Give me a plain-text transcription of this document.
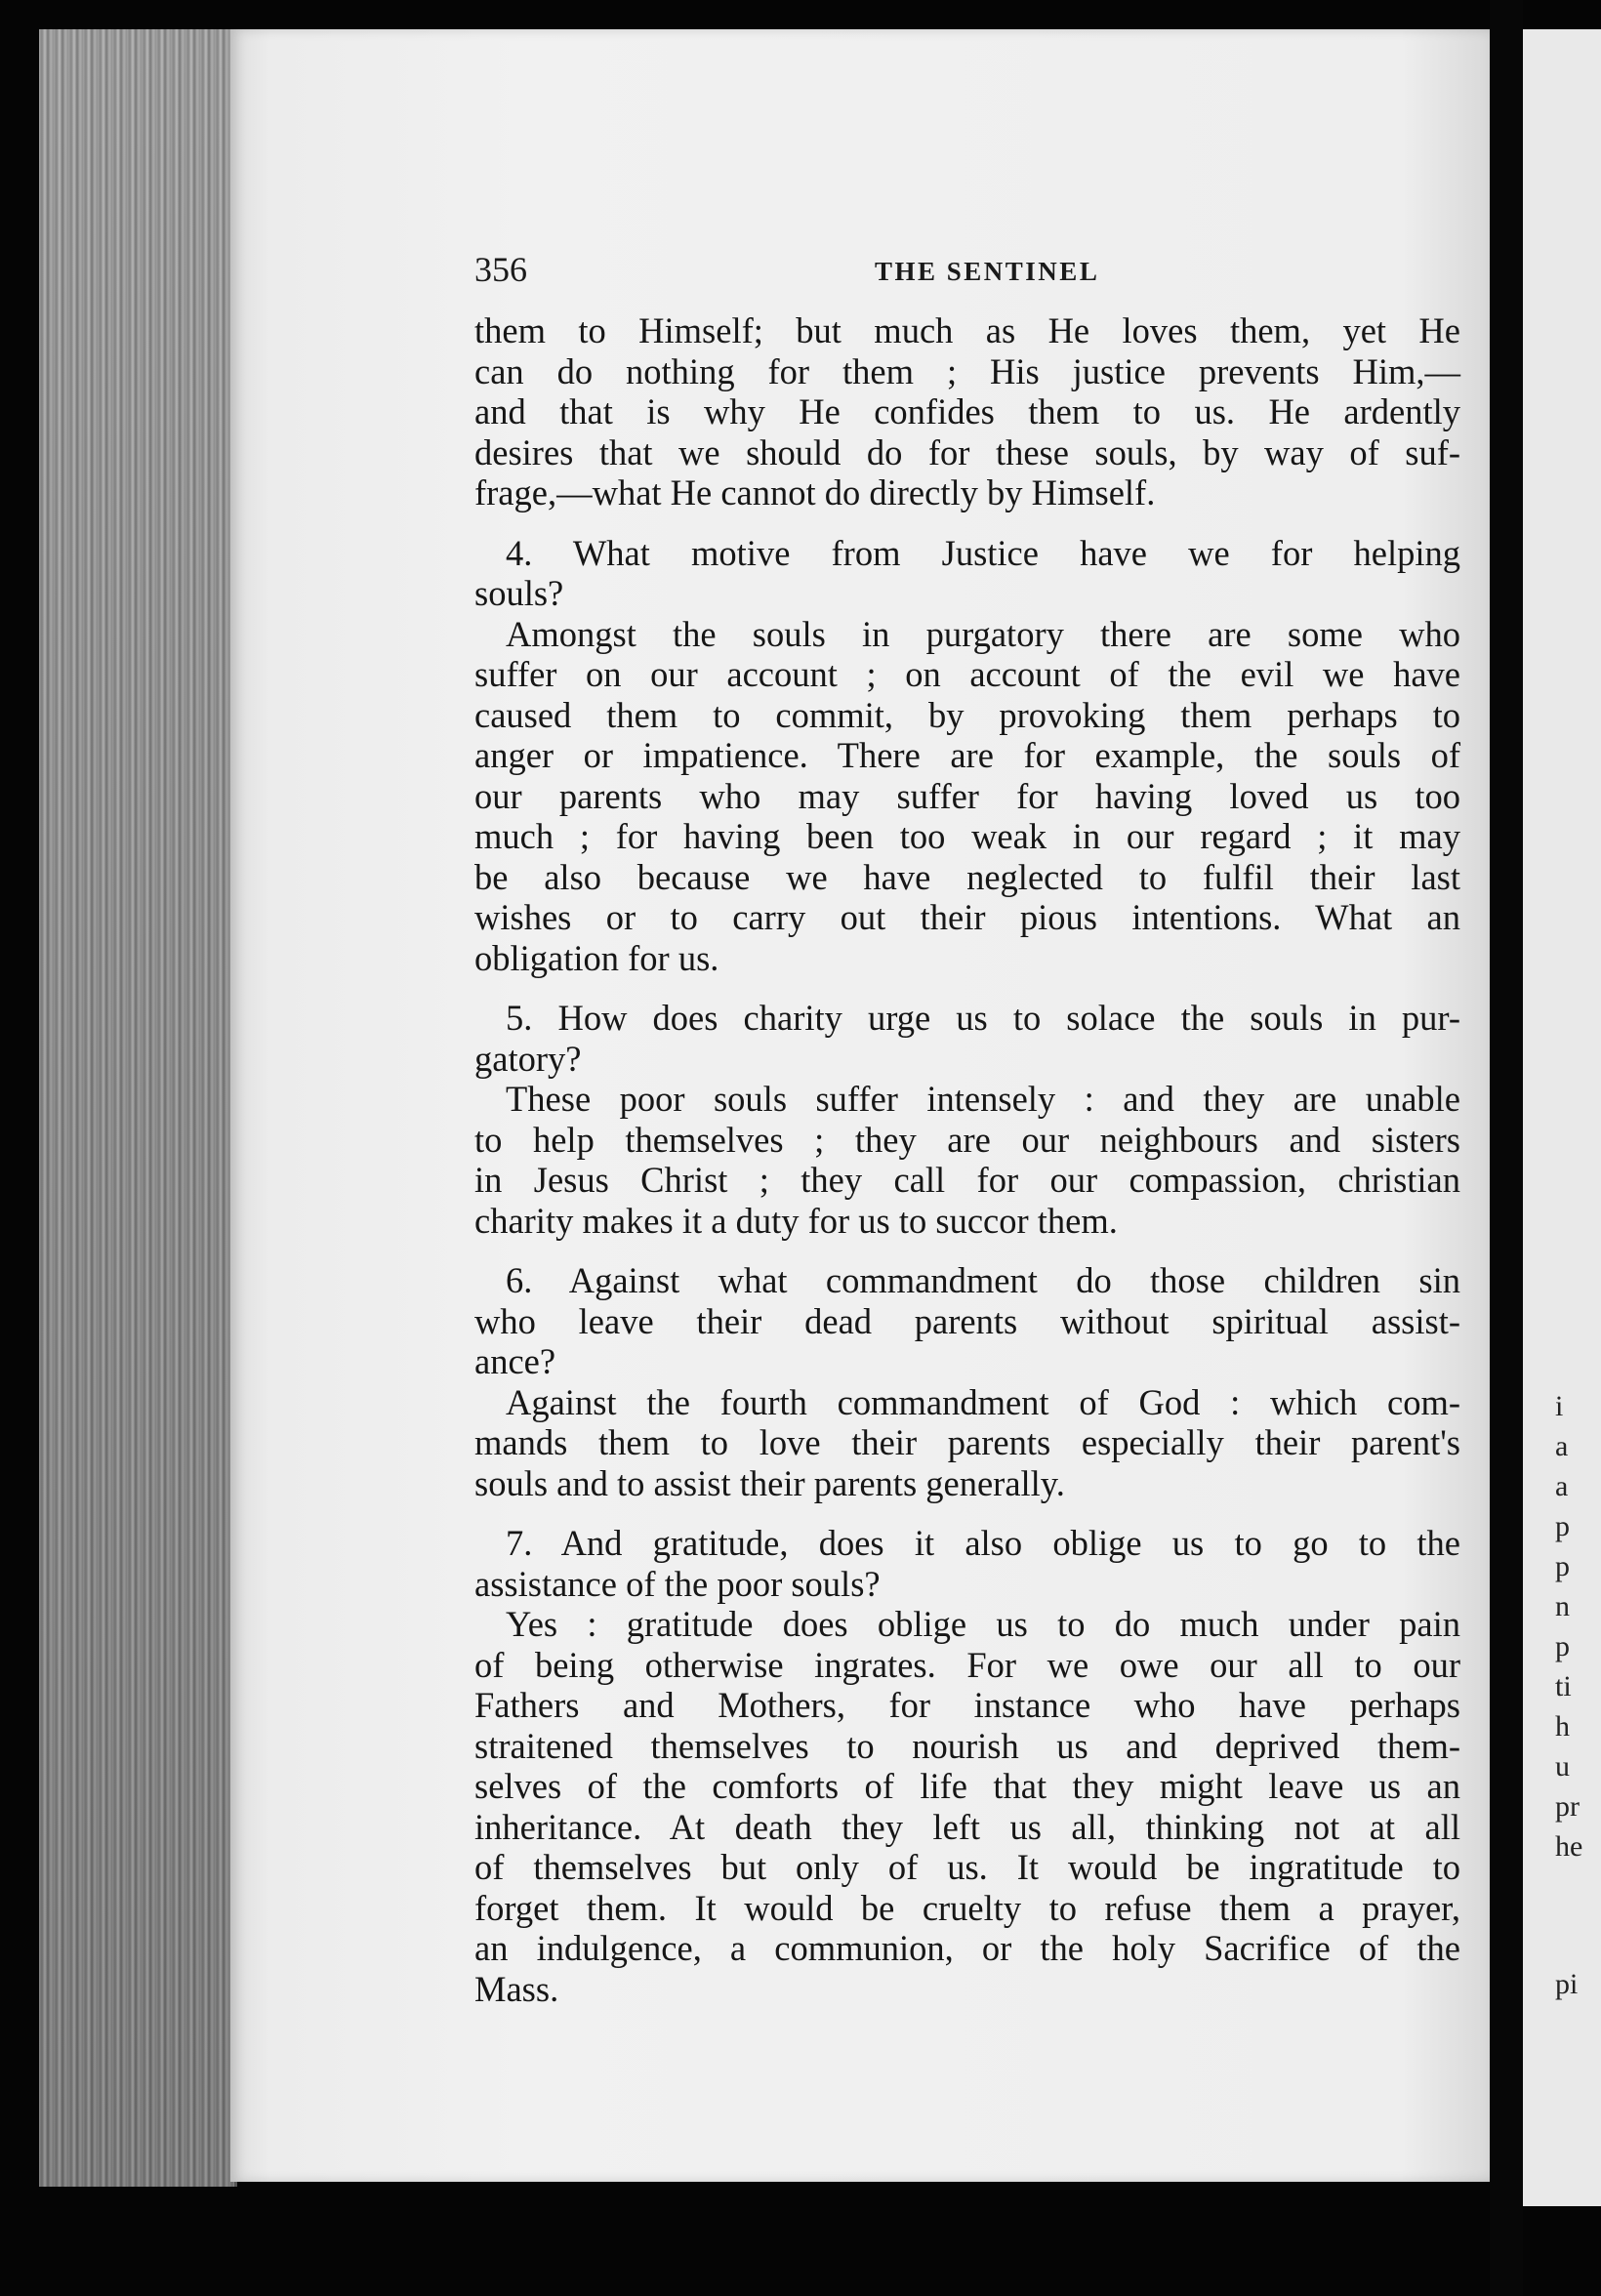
i
a
a
p
p
n
p
ti
h
u
pr
he
pi
356	THE SENTINEL

them to Himself; but much as He loves them, yet He

can do nothing for them ; His justice prevents Him,—

and that is why He confides them to us. He ardently

desires that we should do for these souls, by way of suf-

frage,—what He cannot do directly by Himself.

4. What motive from Justice have we for helping

souls?

Amongst the souls in purgatory there are some who

suffer on our account ; on account of the evil we have

caused them to commit, by provoking them perhaps to

anger or impatience. There are for example, the souls of

our parents who may suffer for having loved us too

much ; for having been too weak in our regard ; it may

be also because we have neglected to fulfil their last

wishes or to carry out their pious intentions. What an

obligation for us.

5. How does charity urge us to solace the souls in pur-

gatory?

These poor souls suffer intensely : and they are unable

to help themselves ; they are our neighbours and sisters

in Jesus Christ ; they call for our compassion, christian

charity makes it a duty for us to succor them.

6. Against what commandment do those children sin

who leave their dead parents without spiritual assist-

ance?

Against the fourth commandment of God : which com-

mands them to love their parents especially their parent's

souls and to assist their parents generally.

7. And gratitude, does it also oblige us to go to the

assistance of the poor souls?

Yes : gratitude does oblige us to do much under pain

of being otherwise ingrates. For we owe our all to our

Fathers and Mothers, for instance who have perhaps

straitened themselves to nourish us and deprived them-

selves of the comforts of life that they might leave us an

inheritance. At death they left us all, thinking not at all

of themselves but only of us. It would be ingratitude to

forget them. It would be cruelty to refuse them a prayer,

an indulgence, a communion, or the holy Sacrifice of the

Mass.
